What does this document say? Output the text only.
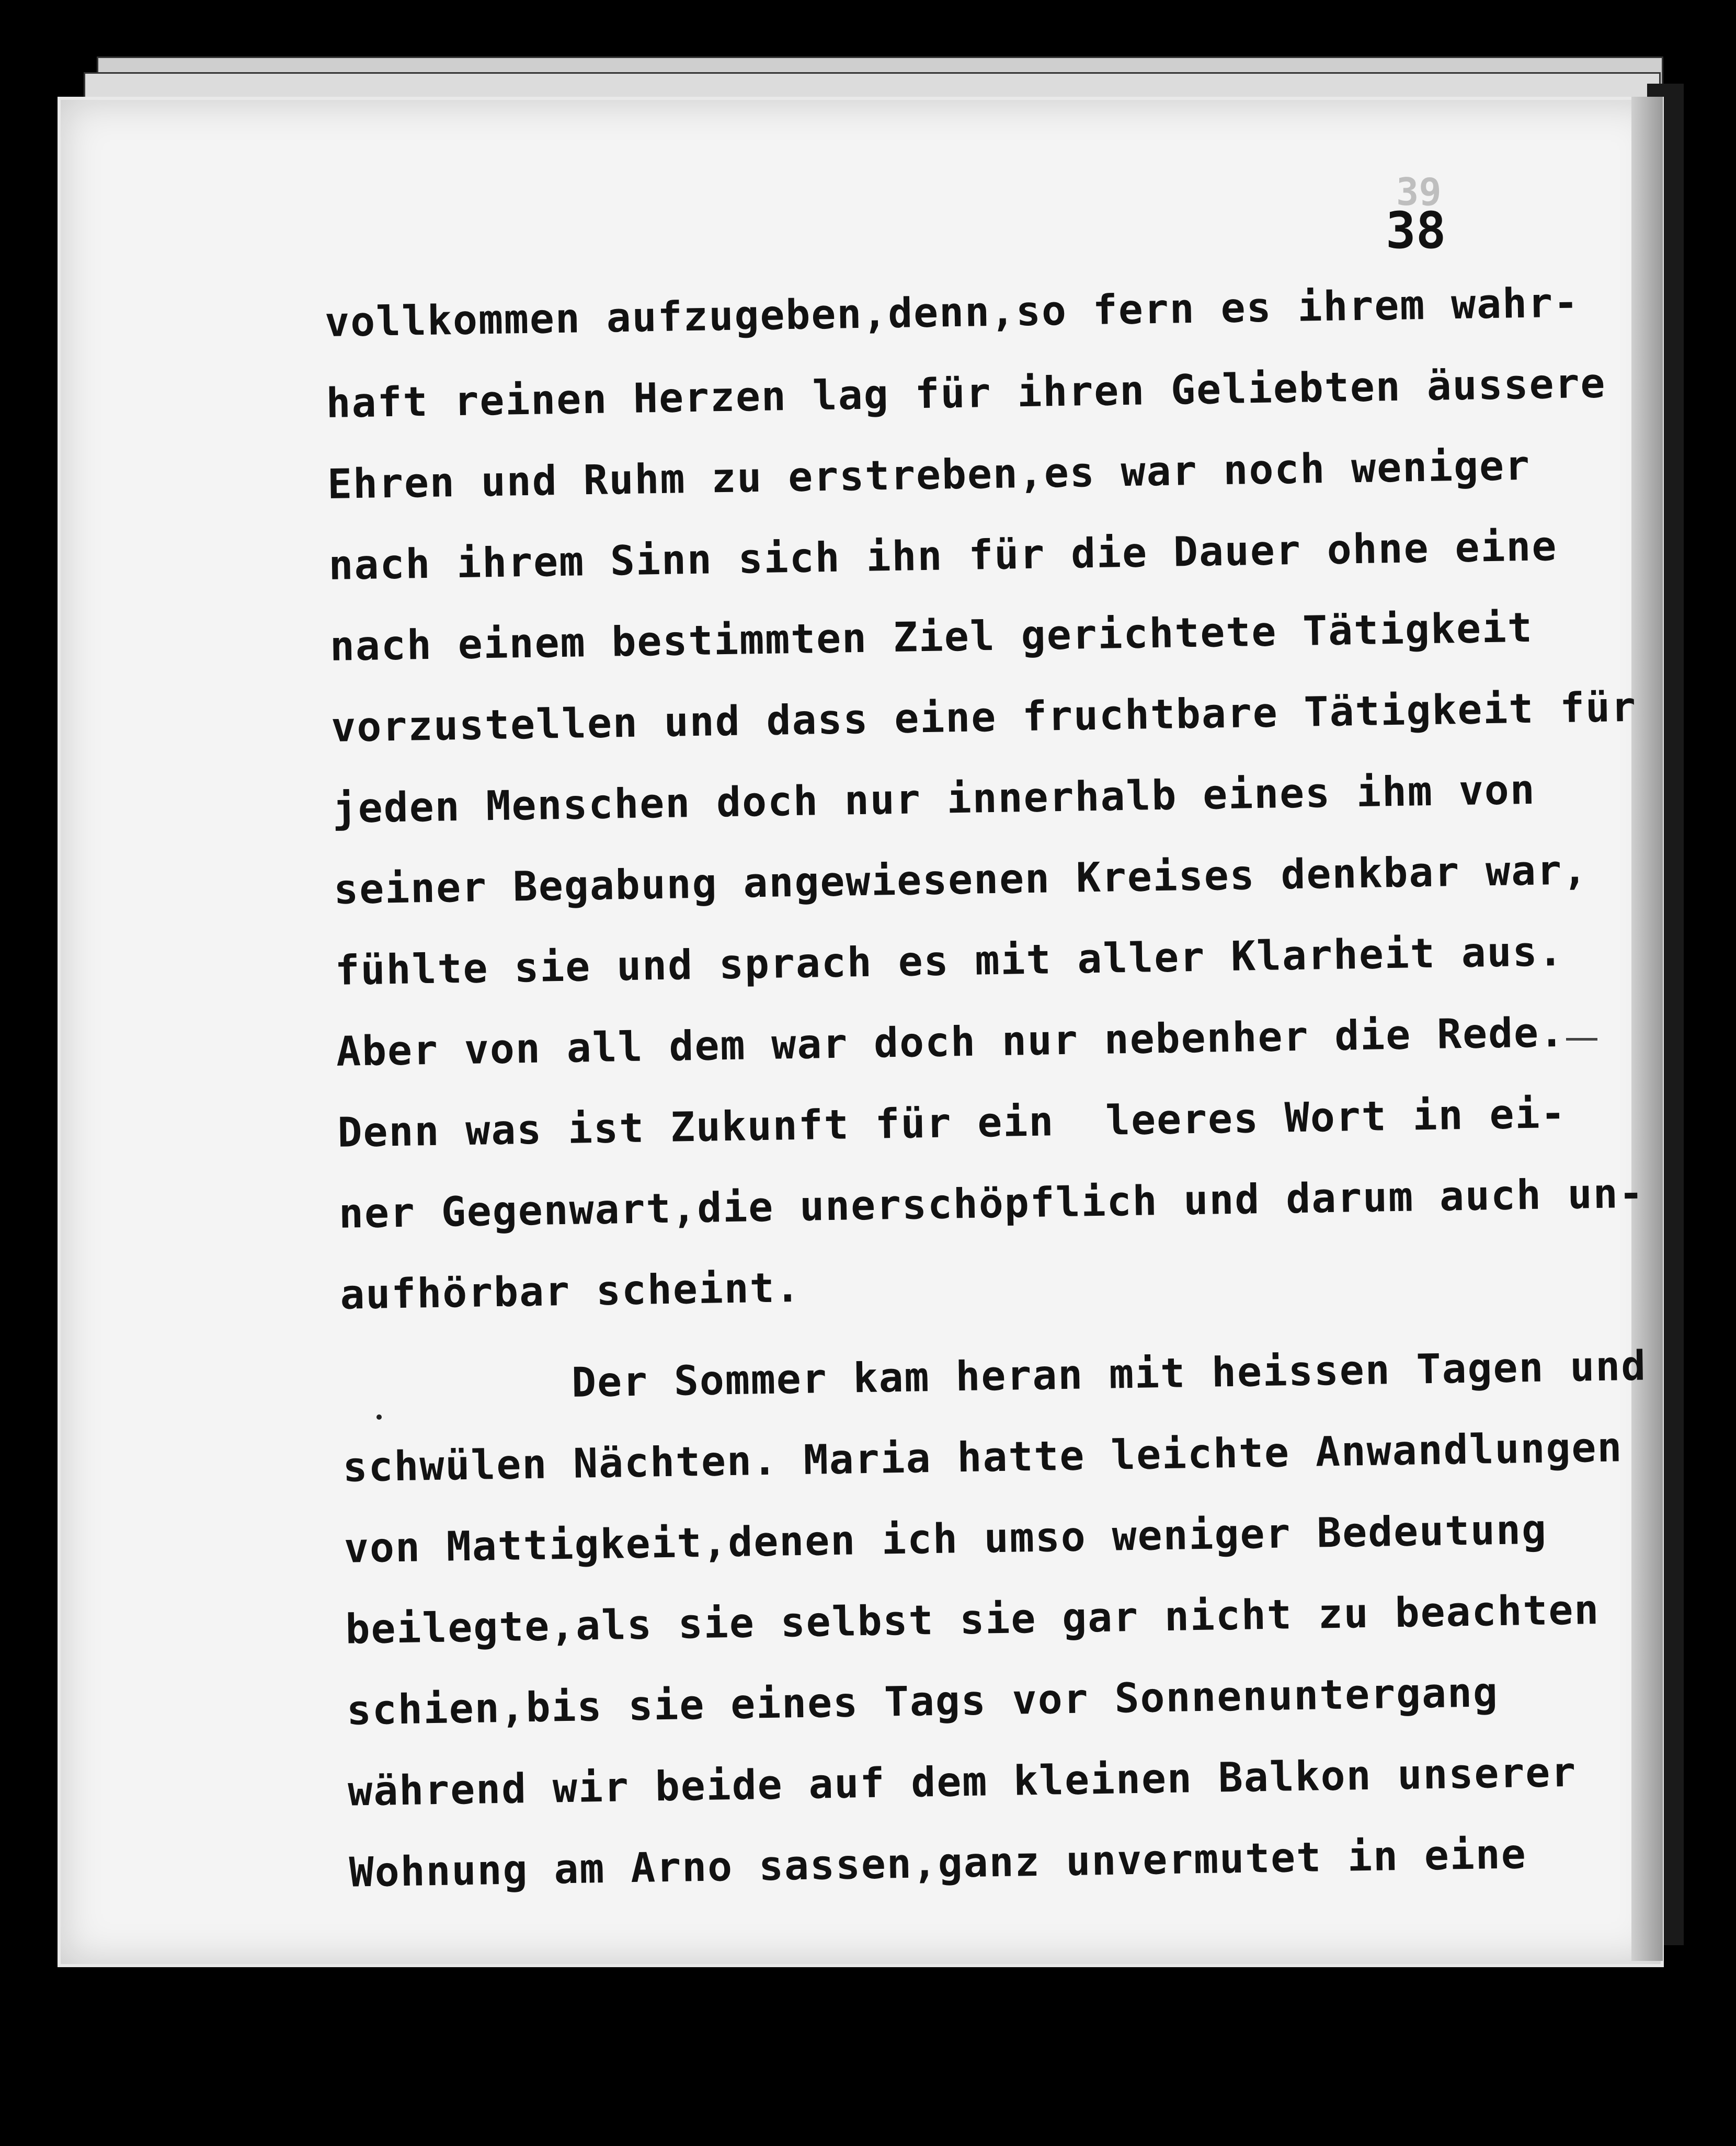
39
38
vollkommen aufzugeben,denn,so fern es ihrem wahr-
haft reinen Herzen lag für ihren Geliebten äussere
Ehren und Ruhm zu erstreben,es war noch weniger
nach ihrem Sinn sich ihn für die Dauer ohne eine
nach einem bestimmten Ziel gerichtete Tätigkeit
vorzustellen und dass eine fruchtbare Tätigkeit für
jeden Menschen doch nur innerhalb eines ihm von
seiner Begabung angewiesenen Kreises denkbar war,
fühlte sie und sprach es mit aller Klarheit aus.
Aber von all dem war doch nur nebenher die Rede.
Denn was ist Zukunft für ein  leeres Wort in ei-
ner Gegenwart,die unerschöpflich und darum auch un-
aufhörbar scheint.
Der Sommer kam heran mit heissen Tagen und
schwülen Nächten. Maria hatte leichte Anwandlungen
von Mattigkeit,denen ich umso weniger Bedeutung
beilegte,als sie selbst sie gar nicht zu beachten
schien,bis sie eines Tags vor Sonnenuntergang
während wir beide auf dem kleinen Balkon unserer
Wohnung am Arno sassen,ganz unvermutet in eine
